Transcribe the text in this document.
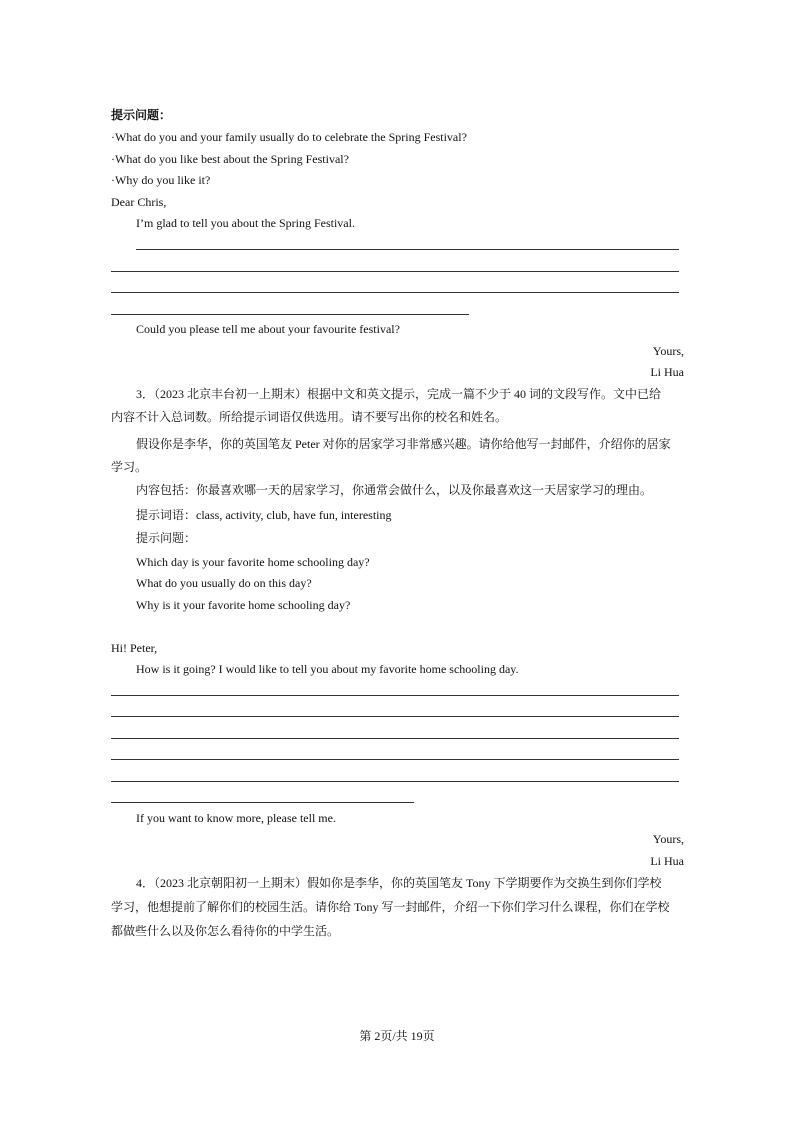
提示问题：
·What do you and your family usually do to celebrate the Spring Festival?
·What do you like best about the Spring Festival?
·Why do you like it?
Dear Chris,
I’m glad to tell you about the Spring Festival.
Could you please tell me about your favourite festival?
Yours,
Li Hua
3．（2023 北京丰台初一上期末）根据中文和英文提示，完成一篇不少于 40 词的文段写作。文中已给
内容不计入总词数。所给提示词语仅供选用。请不要写出你的校名和姓名。
假设你是李华，你的英国笔友 Peter 对你的居家学习非常感兴趣。请你给他写一封邮件，介绍你的居家
学习。
内容包括：你最喜欢哪一天的居家学习，你通常会做什么，以及你最喜欢这一天居家学习的理由。
提示词语：class, activity, club, have fun, interesting
提示问题：
Which day is your favorite home schooling day?
What do you usually do on this day?
Why is it your favorite home schooling day?
Hi! Peter,
How is it going? I would like to tell you about my favorite home schooling day.
If you want to know more, please tell me.
Yours,
Li Hua
4．（2023 北京朝阳初一上期末）假如你是李华，你的英国笔友 Tony 下学期要作为交换生到你们学校
学习，他想提前了解你们的校园生活。请你给 Tony 写一封邮件，介绍一下你们学习什么课程，你们在学校
都做些什么以及你怎么看待你的中学生活。
第 2页/共 19页
